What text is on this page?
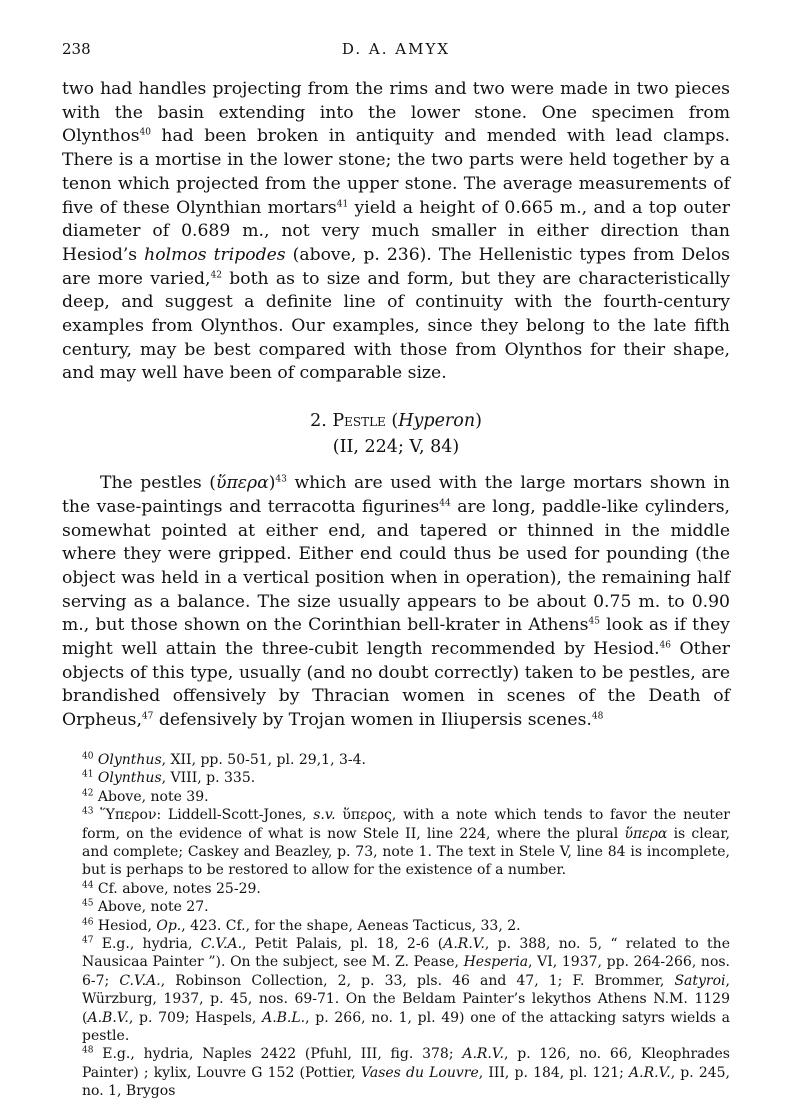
238	D. A. AMYX

two had handles projecting from the rims and two were made in two pieces with the basin extending into the lower stone. One specimen from Olynthos$^{40}$ had been broken in antiquity and mended with lead clamps. There is a mortise in the lower stone; the two parts were held together by a tenon which projected from the upper stone. The average measurements of five of these Olynthian mortars$^{41}$ yield a height of 0.665 m., and a top outer diameter of 0.689 m., not very much smaller in either direction than Hesiod’s holmos tripodes (above, p. 236). The Hellenistic types from Delos are more varied,$^{42}$ both as to size and form, but they are characteristically deep, and suggest a definite line of continuity with the fourth-century examples from Olynthos. Our examples, since they belong to the late fifth century, may be best compared with those from Olynthos for their shape, and may well have been of comparable size.

2. Pestle (Hyperon)
(II, 224; V, 84)

The pestles (ὕπερα)$^{43}$ which are used with the large mortars shown in the vase-paintings and terracotta figurines$^{44}$ are long, paddle-like cylinders, somewhat pointed at either end, and tapered or thinned in the middle where they were gripped. Either end could thus be used for pounding (the object was held in a vertical position when in operation), the remaining half serving as a balance. The size usually appears to be about 0.75 m. to 0.90 m., but those shown on the Corinthian bell-krater in Athens$^{45}$ look as if they might well attain the three-cubit length recommended by Hesiod.$^{46}$ Other objects of this type, usually (and no doubt correctly) taken to be pestles, are brandished offensively by Thracian women in scenes of the Death of Orpheus,$^{47}$ defensively by Trojan women in Iliupersis scenes.$^{48}$

$^{40}$ Olynthus, XII, pp. 50-51, pl. 29,1, 3-4.

$^{41}$ Olynthus, VIII, p. 335.

$^{42}$ Above, note 39.

$^{43}$ Ὕπερον: Liddell-Scott-Jones, s.v. ὕπερος, with a note which tends to favor the neuter form, on the evidence of what is now Stele II, line 224, where the plural ὕπερα is clear, and complete; Caskey and Beazley, p. 73, note 1. The text in Stele V, line 84 is incomplete, but is perhaps to be restored to allow for the existence of a number.

$^{44}$ Cf. above, notes 25-29.

$^{45}$ Above, note 27.

$^{46}$ Hesiod, Op., 423. Cf., for the shape, Aeneas Tacticus, 33, 2.

$^{47}$ E.g., hydria, C.V.A., Petit Palais, pl. 18, 2-6 (A.R.V., p. 388, no. 5, “ related to the Nausicaa Painter ”). On the subject, see M. Z. Pease, Hesperia, VI, 1937, pp. 264-266, nos. 6-7; C.V.A., Robinson Collection, 2, p. 33, pls. 46 and 47, 1; F. Brommer, Satyroi, Würzburg, 1937, p. 45, nos. 69-71. On the Beldam Painter’s lekythos Athens N.M. 1129 (A.B.V., p. 709; Haspels, A.B.L., p. 266, no. 1, pl. 49) one of the attacking satyrs wields a pestle.

$^{48}$ E.g., hydria, Naples 2422 (Pfuhl, III, fig. 378; A.R.V., p. 126, no. 66, Kleophrades Painter) ; kylix, Louvre G 152 (Pottier, Vases du Louvre, III, p. 184, pl. 121; A.R.V., p. 245, no. 1, Brygos
